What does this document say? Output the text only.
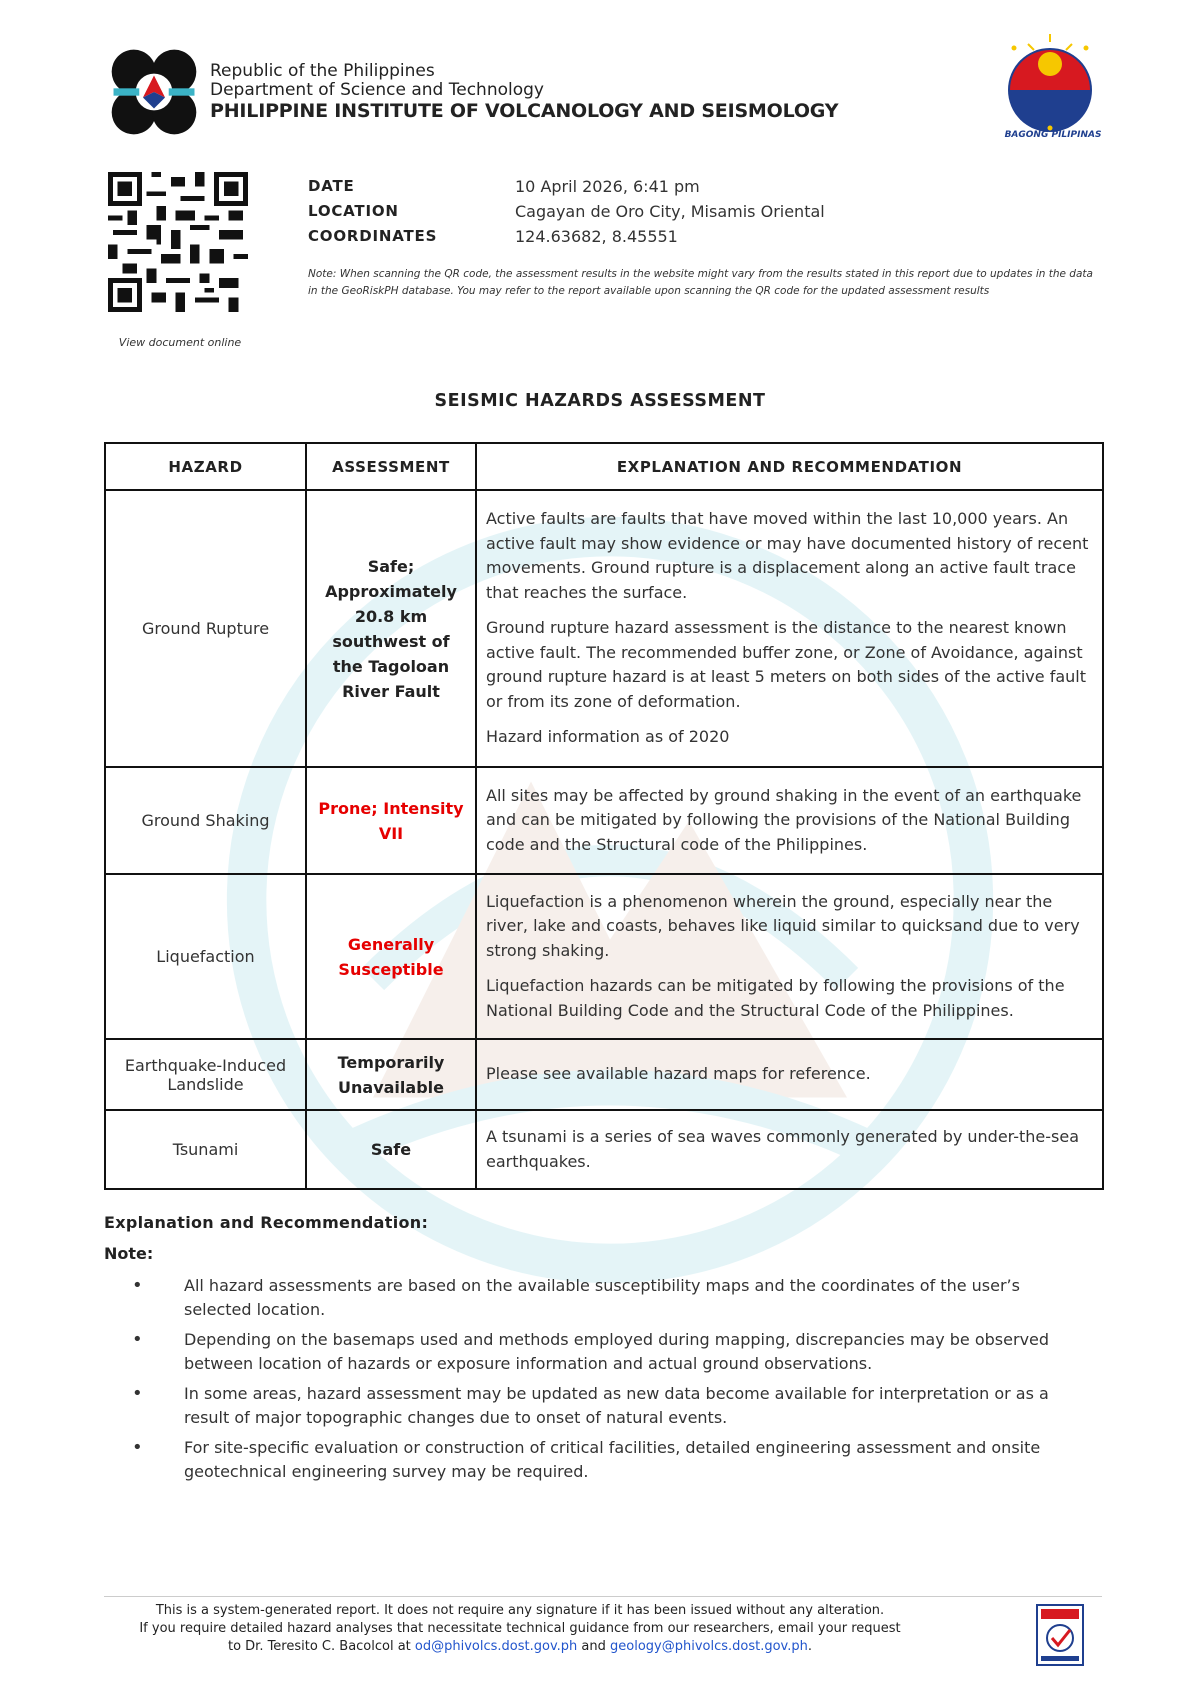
Republic of the Philippines
Department of Science and Technology
PHILIPPINE INSTITUTE OF VOLCANOLOGY AND SEISMOLOGY
BAGONG PILIPINAS
View document online
DATE	10 April 2026, 6:41 pm
LOCATION	Cagayan de Oro City, Misamis Oriental
COORDINATES	124.63682, 8.45551
Note: When scanning the QR code, the assessment results in the website might vary from the results stated in this report due to updates in the data in the GeoRiskPH database. You may refer to the report available upon scanning the QR code for the updated assessment results
SEISMIC HAZARDS ASSESSMENT
HAZARD	ASSESSMENT	EXPLANATION AND RECOMMENDATION
Ground Rupture	Safe; Approximately 20.8 km southwest of the Tagoloan River Fault	Active faults are faults that have moved within the last 10,000 years. An active fault may show evidence or may have documented history of recent movements. Ground rupture is a displacement along an active fault trace that reaches the surface.

Ground rupture hazard assessment is the distance to the nearest known active fault. The recommended buffer zone, or Zone of Avoidance, against ground rupture hazard is at least 5 meters on both sides of the active fault or from its zone of deformation.

Hazard information as of 2020

Ground Shaking	Prone; Intensity VII	All sites may be affected by ground shaking in the event of an earthquake and can be mitigated by following the provisions of the National Building code and the Structural code of the Philippines.

Liquefaction	Generally Susceptible	Liquefaction is a phenomenon wherein the ground, especially near the river, lake and coasts, behaves like liquid similar to quicksand due to very strong shaking.

Liquefaction hazards can be mitigated by following the provisions of the National Building Code and the Structural Code of the Philippines.

Earthquake-Induced Landslide	Temporarily Unavailable	Please see available hazard maps for reference.

Tsunami	Safe	A tsunami is a series of sea waves commonly generated by under-the-sea earthquakes.

Explanation and Recommendation:
Note:
• All hazard assessments are based on the available susceptibility maps and the coordinates of the user’s selected location.
• Depending on the basemaps used and methods employed during mapping, discrepancies may be observed between location of hazards or exposure information and actual ground observations.
• In some areas, hazard assessment may be updated as new data become available for interpretation or as a result of major topographic changes due to onset of natural events.
• For site-specific evaluation or construction of critical facilities, detailed engineering assessment and onsite geotechnical engineering survey may be required.
This is a system-generated report. It does not require any signature if it has been issued without any alteration.
If you require detailed hazard analyses that necessitate technical guidance from our researchers, email your request
to Dr. Teresito C. Bacolcol at od@phivolcs.dost.gov.ph and geology@phivolcs.dost.gov.ph.
